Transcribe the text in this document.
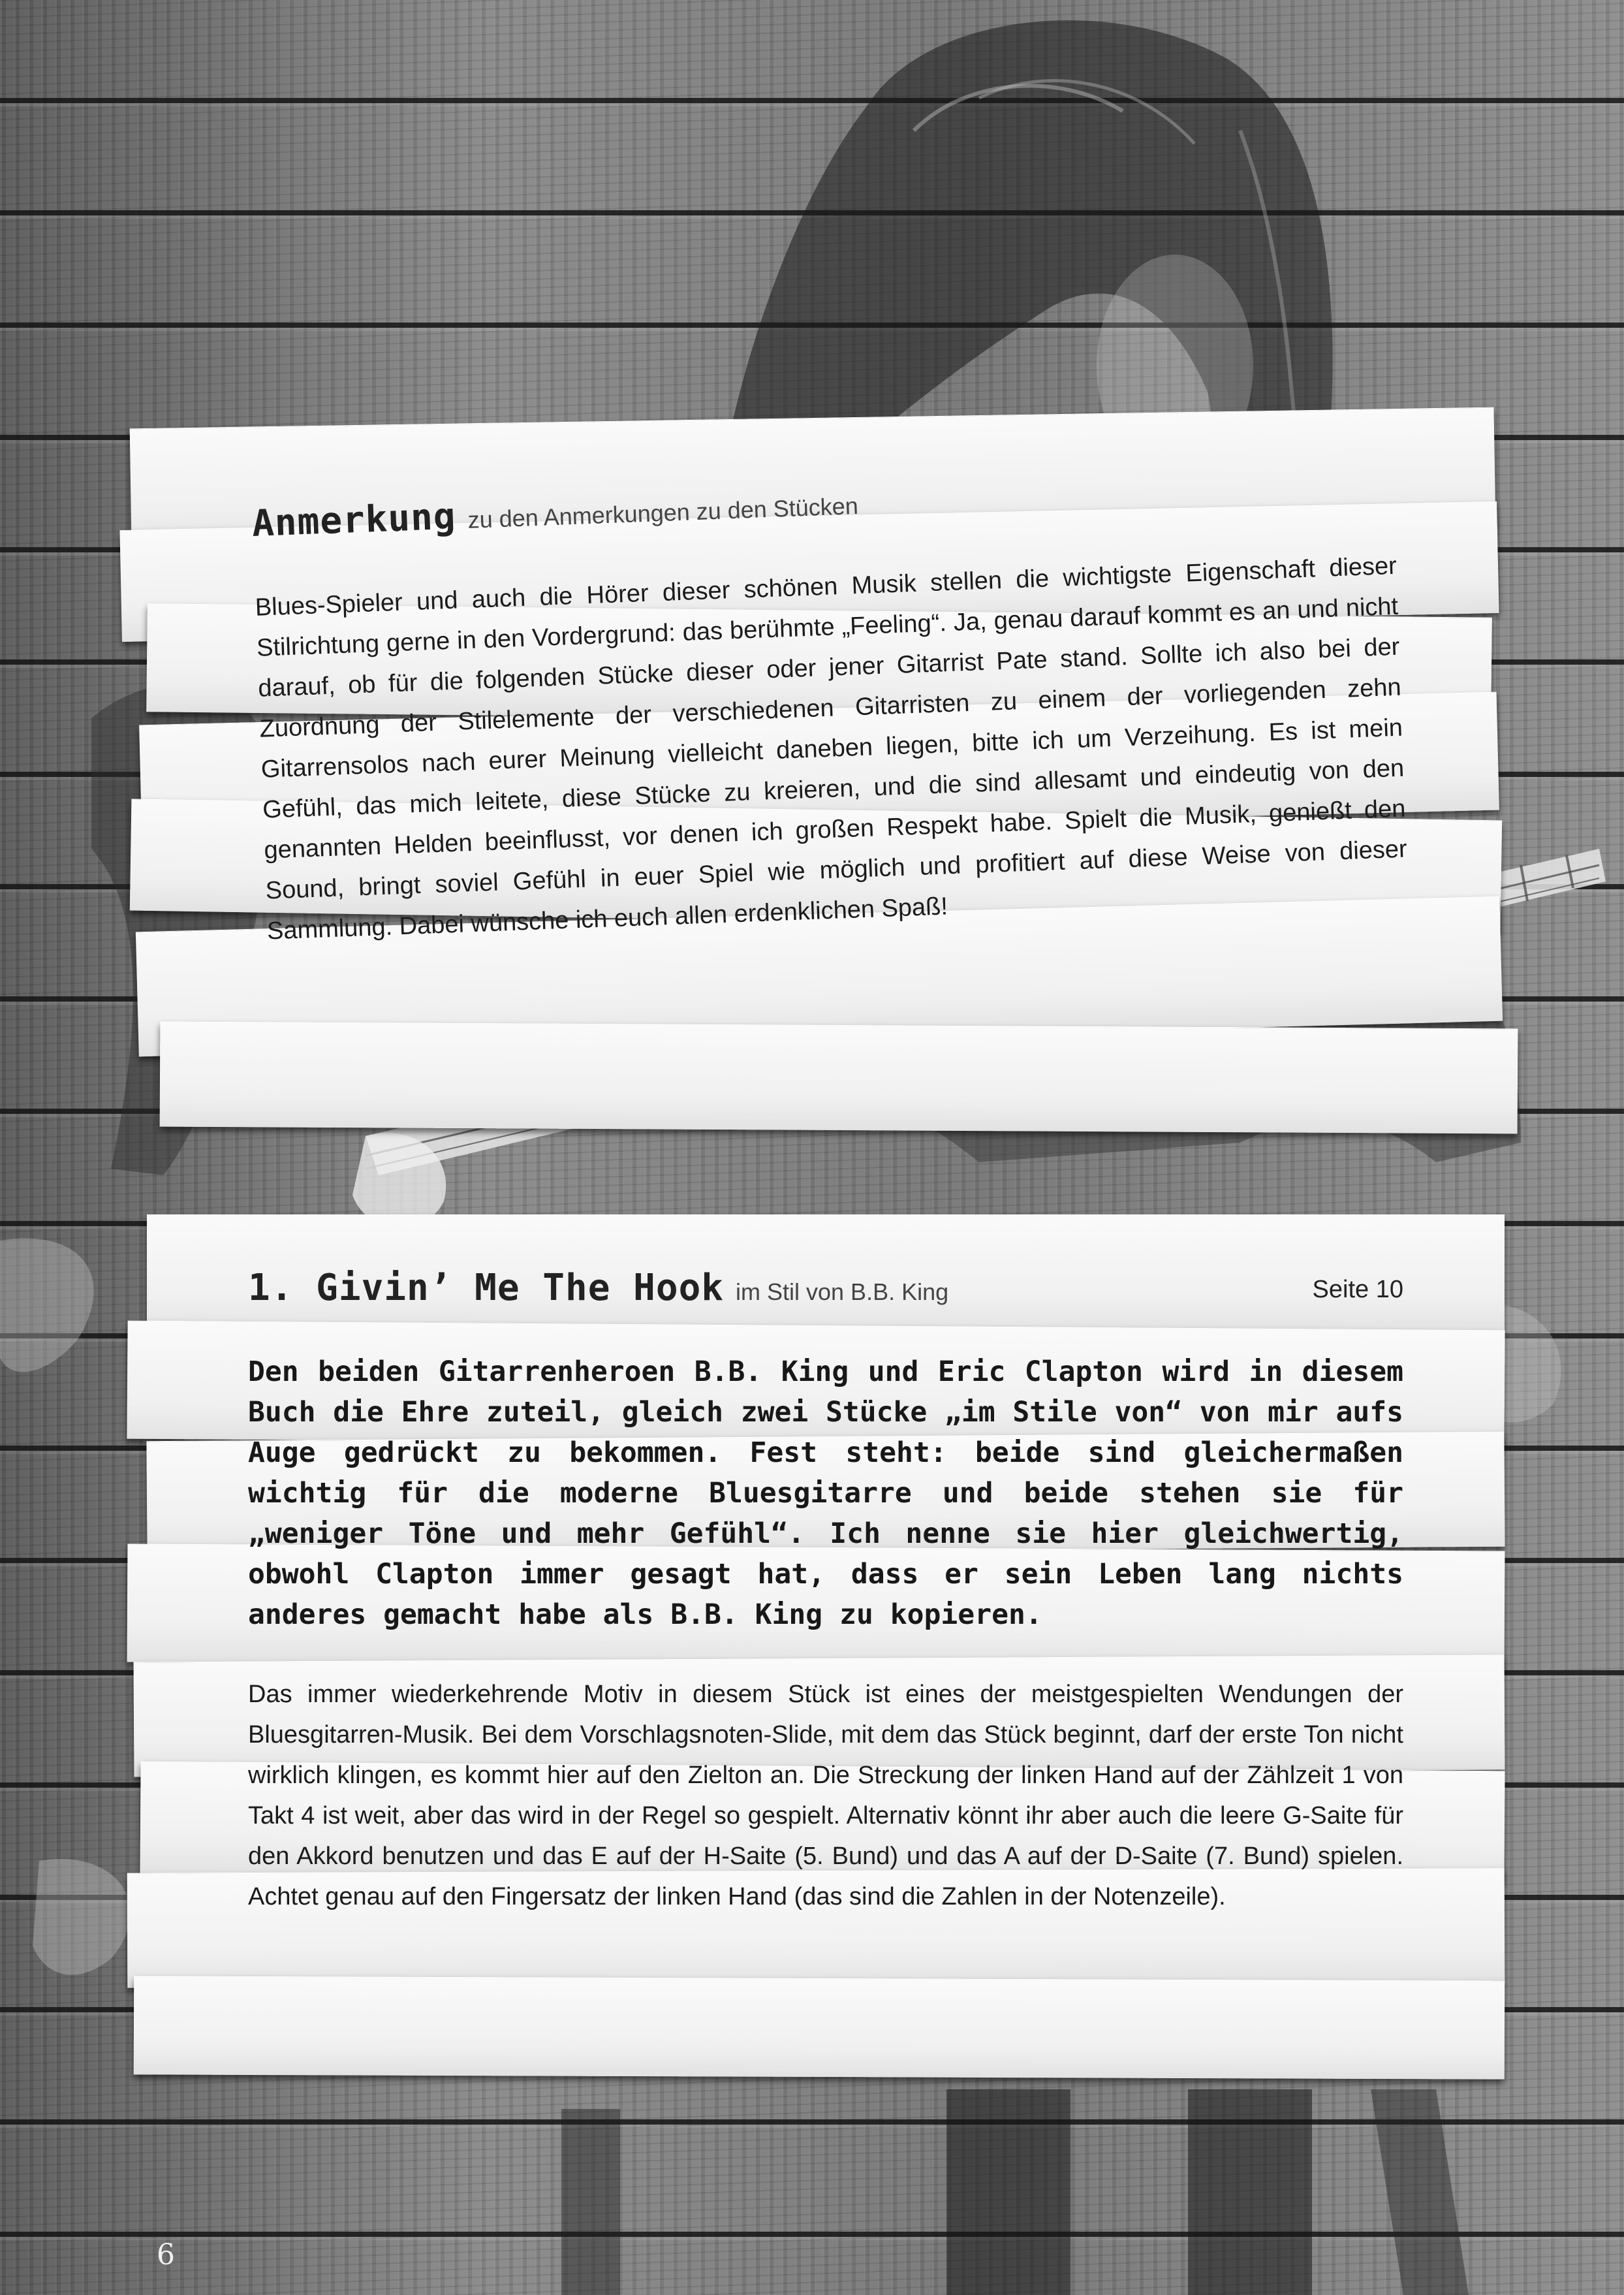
Anmerkung zu den Anmerkungen zu den Stücken

Blues-Spieler und auch die Hörer dieser schönen Musik stellen die wichtigste Eigenschaft dieser Stilrichtung gerne in den Vordergrund: das berühmte „Feeling“. Ja, genau darauf kommt es an und nicht darauf, ob für die folgenden Stücke dieser oder jener Gitarrist Pate stand. Sollte ich also bei der Zuordnung der Stilelemente der verschiedenen Gitarristen zu einem der vorliegenden zehn Gitarrensolos nach eurer Meinung vielleicht daneben liegen, bitte ich um Verzeihung. Es ist mein Gefühl, das mich leitete, diese Stücke zu kreieren, und die sind allesamt und eindeutig von den genannten Helden beeinflusst, vor denen ich großen Respekt habe. Spielt die Musik, genießt den Sound, bringt soviel Gefühl in euer Spiel wie möglich und profitiert auf diese Weise von dieser Sammlung. Dabei wünsche ich euch allen erdenklichen Spaß!

1. Givin’ Me The Hook im Stil von B.B. King	Seite 10

Den beiden Gitarrenheroen B.B. King und Eric Clapton wird in diesem Buch die Ehre zuteil, gleich zwei Stücke „im Stile von“ von mir aufs Auge gedrückt zu bekommen. Fest steht: beide sind gleichermaßen wichtig für die moderne Bluesgitarre und beide stehen sie für „weniger Töne und mehr Gefühl“. Ich nenne sie hier gleichwertig, obwohl Clapton immer gesagt hat, dass er sein Leben lang nichts anderes gemacht habe als B.B. King zu kopieren.

Das immer wiederkehrende Motiv in diesem Stück ist eines der meistgespielten Wendungen der Bluesgitarren-Musik. Bei dem Vorschlagsnoten-Slide, mit dem das Stück beginnt, darf der erste Ton nicht wirklich klingen, es kommt hier auf den Zielton an. Die Streckung der linken Hand auf der Zählzeit 1 von Takt 4 ist weit, aber das wird in der Regel so gespielt. Alternativ könnt ihr aber auch die leere G-Saite für den Akkord benutzen und das E auf der H-Saite (5. Bund) und das A auf der D-Saite (7. Bund) spielen. Achtet genau auf den Fingersatz der linken Hand (das sind die Zahlen in der Notenzeile).

6
